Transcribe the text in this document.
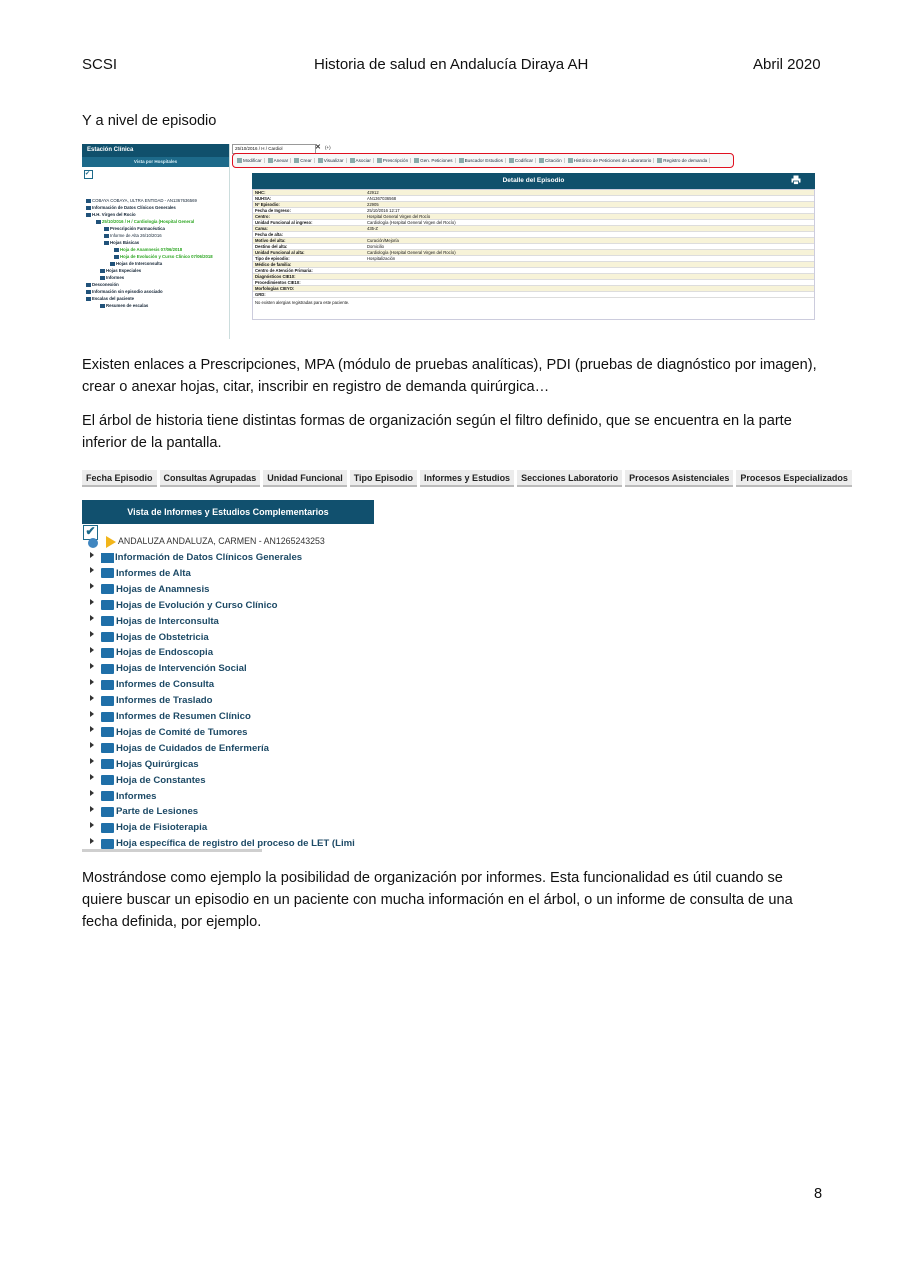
SCSI	Historia de salud en Andalucía Diraya AH	Abril 2020

Y a nivel de episodio

Estación Clínica
Vista por Hospitales
✔
COBAYA COBAYA, ULTRA ENTIDAD - AN1367636569
Información de Datos Clínicos Generales
H.H. Virgen del Rocío
25/10/2016 / H / Cardiología (Hospital General
Prescripción Farmacéutica
Informe de Alta 26/10/2016
Hojas Básicas
Hoja de Anamnesis 07/06/2018
Hoja de Evolución y Curso Clínico 07/06/2018
Hojas de Interconsulta
Hojas Especiales
Informes
Desconexión
Información sin episodio asociado
Escalas del paciente
Resumen de escalas
25/10/2016 / H / Cardiol	✕ (+)
Modificar	Anexar	Crear	Visualizar	Asociar	Prescripción	Gen. Peticiones	Buscador Estudios	Codificar	Citación	Histórico de Peticiones de Laboratorio	Registro de demanda
Detalle del Episodio
NHC:	42912
NUHSA:	AN1367036568
Nº Episodio:	22905
Fecha de Ingreso:	25/10/2016 12:17
Centro:	Hospital General Virgen del Rocío
Unidad Funcional al ingreso:	Cardiología (Hospital General Virgen del Rocío)
Cama:	435-Z
Fecha de alta:
Motivo del alta:	Curación/Mejoría
Destino del alta:	Domicilio
Unidad Funcional al alta:	Cardiología (Hospital General Virgen del Rocío)
Tipo de episodio:	Hospitalización
Médico de familia:
Centro de Atención Primaria:
Diagnósticos CIE10:
Procedimientos CIE10:
Morfologías CIEYO:
GRD:
No existen alergias registradas para este paciente.

Existen enlaces a Prescripciones, MPA (módulo de pruebas analíticas), PDI (pruebas de diagnóstico por imagen), crear o anexar hojas, citar, inscribir en registro de demanda quirúrgica…

El árbol de historia tiene distintas formas de organización según el filtro definido, que se encuentra en la parte inferior de la pantalla.

Fecha Episodio	Consultas Agrupadas	Unidad Funcional	Tipo Episodio	Informes y Estudios	Secciones Laboratorio	Procesos Asistenciales	Procesos Especializados
Vista de Informes y Estudios Complementarios
✔
ANDALUZA ANDALUZA, CARMEN - AN1265243253
Información de Datos Clínicos Generales
Informes de Alta
Hojas de Anamnesis
Hojas de Evolución y Curso Clínico
Hojas de Interconsulta
Hojas de Obstetricia
Hojas de Endoscopia
Hojas de Intervención Social
Informes de Consulta
Informes de Traslado
Informes de Resumen Clínico
Hojas de Comité de Tumores
Hojas de Cuidados de Enfermería
Hojas Quirúrgicas
Hoja de Constantes
Informes
Parte de Lesiones
Hoja de Fisioterapia
Hoja específica de registro del proceso de LET (Limi

Mostrándose como ejemplo la posibilidad de organización por informes. Esta funcionalidad es útil cuando se quiere buscar un episodio en un paciente con mucha información en el árbol, o un informe de consulta de una fecha definida, por ejemplo.

8
